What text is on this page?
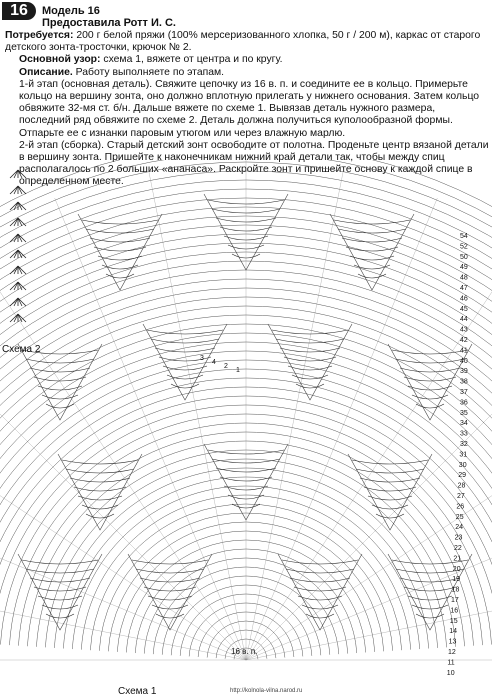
16	Модель 16
Предоставила Ротт И. С.

Потребуется: 200 г белой пряжи (100% мерсеризованного хлопка, 50 г / 200 м), каркас от старого детского зонта-тросточки, крючок № 2.

Основной узор: схема 1, вяжете от центра и по кругу.

Описание. Работу выполняете по этапам.

1-й этап (основная деталь). Свяжите цепочку из 16 в. п. и соедините ее в кольцо. Примерьте кольцо на вершину зонта, оно должно вплотную прилегать у нижнего основания. Затем кольцо обвяжите 32-мя ст. б/н. Дальше вяжете по схеме 1. Вывязав деталь нужного размера, последний ряд обвяжите по схеме 2. Деталь должна получиться куполообразной формы. Отпарьте ее с изнанки паровым утюгом или через влажную марлю.

2-й этап (сборка). Старый детский зонт освободите от полотна. Проденьте центр вязаной детали в вершину зонта. Пришейте к наконечникам нижний край детали так, чтобы между спиц располагалось по 2 больших «ананаса». Раскройте зонт и пришейте основу к каждой спице в определенном месте.

54
52
50
49
48
47
46
45
44
43
42
41
40
39
38
37
36
35
34
33
32
31
30
29
28
27
26
25
24
23
22
21
20
19
18
17
16
15
14
13
12
11
10
3
4
2
1
Схема 2
Схема 1
16 в. п.
http://kolnola-vilna.narod.ru
